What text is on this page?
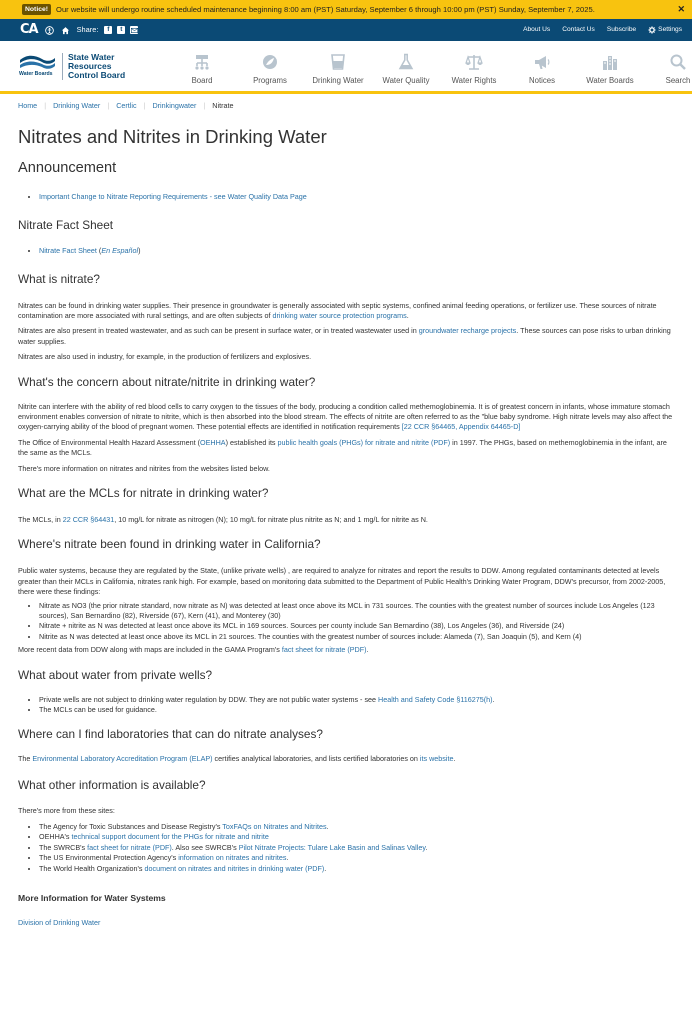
Notice!	Our website will undergo routine scheduled maintenance beginning 8:00 am (PST) Saturday, September 6 through 10:00 pm (PST) Sunday, September 7, 2025.	✕
CA	Share:	f	t	About Us Contact Us Subscribe	Settings
Water Boards
State Water
Resources
Control Board
Board	Programs	Drinking Water	Water Quality	Water Rights	Notices	Water Boards	Search
Home | Drinking Water | Certlic | Drinkingwater | Nitrate
Nitrates and Nitrites in Drinking Water
Announcement
• Important Change to Nitrate Reporting Requirements - see Water Quality Data Page
Nitrate Fact Sheet
• Nitrate Fact Sheet (En Español)
What is nitrate?

Nitrates can be found in drinking water supplies. Their presence in groundwater is generally associated with septic systems, confined animal feeding operations, or fertilizer use. These sources of nitrate contamination are more associated with rural settings, and are often subjects of drinking water source protection programs.

Nitrates are also present in treated wastewater, and as such can be present in surface water, or in treated wastewater used in groundwater recharge projects. These sources can pose risks to urban drinking water supplies.

Nitrates are also used in industry, for example, in the production of fertilizers and explosives.

What's the concern about nitrate/nitrite in drinking water?

Nitrite can interfere with the ability of red blood cells to carry oxygen to the tissues of the body, producing a condition called methemoglobinemia. It is of greatest concern in infants, whose immature stomach environment enables conversion of nitrate to nitrite, which is then absorbed into the blood stream. The effects of nitrite are often referred to as the "blue baby syndrome. High nitrate levels may also affect the oxygen-carrying ability of the blood of pregnant women. These potential effects are identified in notification requirements [22 CCR §64465, Appendix 64465-D]

The Office of Environmental Health Hazard Assessment (OEHHA) established its public health goals (PHGs) for nitrate and nitrite (PDF) in 1997. The PHGs, based on methemoglobinemia in the infant, are the same as the MCLs.

There's more information on nitrates and nitrites from the websites listed below.

What are the MCLs for nitrate in drinking water?

The MCLs, in 22 CCR §64431, 10 mg/L for nitrate as nitrogen (N); 10 mg/L for nitrate plus nitrite as N; and 1 mg/L for nitrite as N.

Where's nitrate been found in drinking water in California?

Public water systems, because they are regulated by the State, (unlike private wells) , are required to analyze for nitrates and report the results to DDW. Among regulated contaminants detected at levels greater than their MCLs in California, nitrates rank high. For example, based on monitoring data submitted to the Department of Public Health's Drinking Water Program, DDW's precursor, from 2002-2005, there were these findings:

• Nitrate as NO3 (the prior nitrate standard, now nitrate as N) was detected at least once above its MCL in 731 sources. The counties with the greatest number of sources include Los Angeles (123 sources), San Bernardino (82), Riverside (67), Kern (41), and Monterey (30)
• Nitrate + nitrite as N was detected at least once above its MCL in 169 sources. Sources per county include San Bernardino (38), Los Angeles (36), and Riverside (24)
• Nitrite as N was detected at least once above its MCL in 21 sources. The counties with the greatest number of sources include: Alameda (7), San Joaquin (5), and Kern (4)

More recent data from DDW along with maps are included in the GAMA Program's fact sheet for nitrate (PDF).

What about water from private wells?
• Private wells are not subject to drinking water regulation by DDW. They are not public water systems - see Health and Safety Code §116275(h).
• The MCLs can be used for guidance.
Where can I find laboratories that can do nitrate analyses?

The Environmental Laboratory Accreditation Program (ELAP) certifies analytical laboratories, and lists certified laboratories on its website.

What other information is available?

There's more from these sites:

• The Agency for Toxic Substances and Disease Registry's ToxFAQs on Nitrates and Nitrites.
• OEHHA's technical support document for the PHGs for nitrate and nitrite
• The SWRCB's fact sheet for nitrate (PDF). Also see SWRCB's Pilot Nitrate Projects: Tulare Lake Basin and Salinas Valley.
• The US Environmental Protection Agency's information on nitrates and nitrites.
• The World Health Organization's document on nitrates and nitrites in drinking water (PDF).
More Information for Water Systems
Division of Drinking Water
